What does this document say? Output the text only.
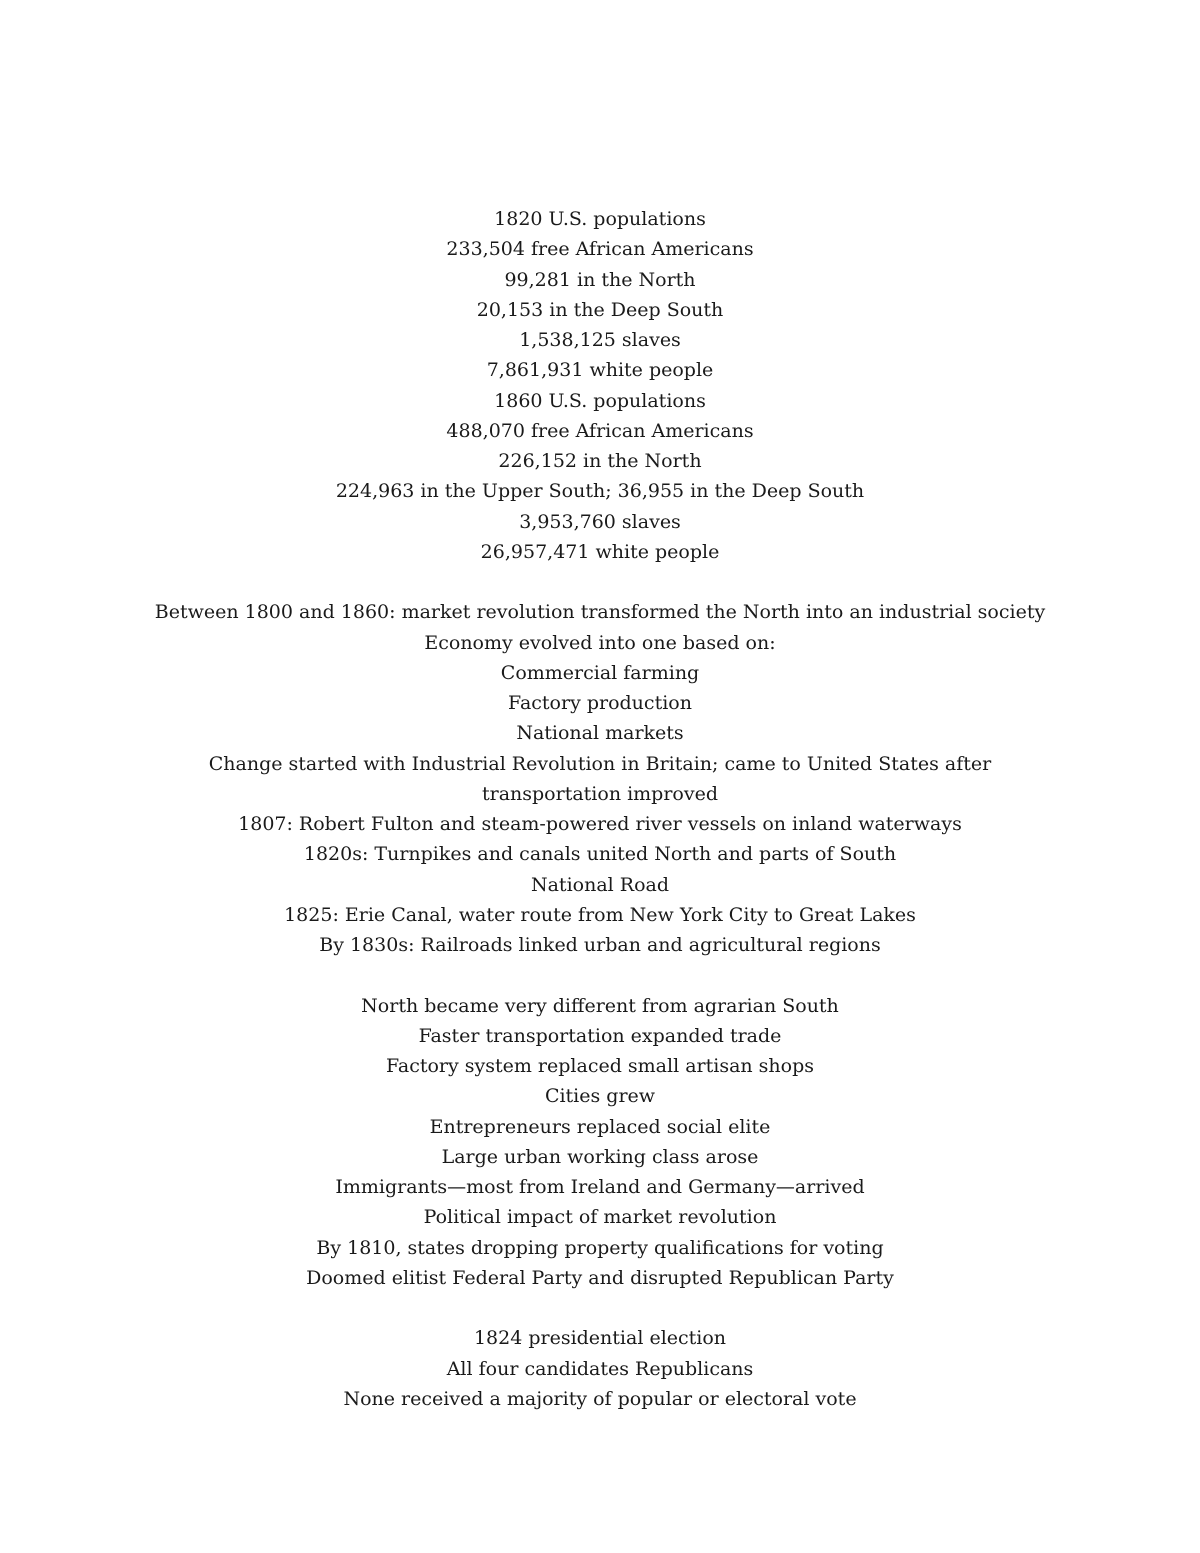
1820 U.S. populations

233,504 free African Americans

99,281 in the North

20,153 in the Deep South

1,538,125 slaves

7,861,931 white people

1860 U.S. populations

488,070 free African Americans

226,152 in the North

224,963 in the Upper South; 36,955 in the Deep South

3,953,760 slaves

26,957,471 white people

Between 1800 and 1860: market revolution transformed the North into an industrial society

Economy evolved into one based on:

Commercial farming

Factory production

National markets

Change started with Industrial Revolution in Britain; came to United States after transportation improved

1807: Robert Fulton and steam-powered river vessels on inland waterways

1820s: Turnpikes and canals united North and parts of South

National Road

1825: Erie Canal, water route from New York City to Great Lakes

By 1830s: Railroads linked urban and agricultural regions

North became very different from agrarian South

Faster transportation expanded trade

Factory system replaced small artisan shops

Cities grew

Entrepreneurs replaced social elite

Large urban working class arose

Immigrants—most from Ireland and Germany—arrived

Political impact of market revolution

By 1810, states dropping property qualifications for voting

Doomed elitist Federal Party and disrupted Republican Party

1824 presidential election

All four candidates Republicans

None received a majority of popular or electoral vote
